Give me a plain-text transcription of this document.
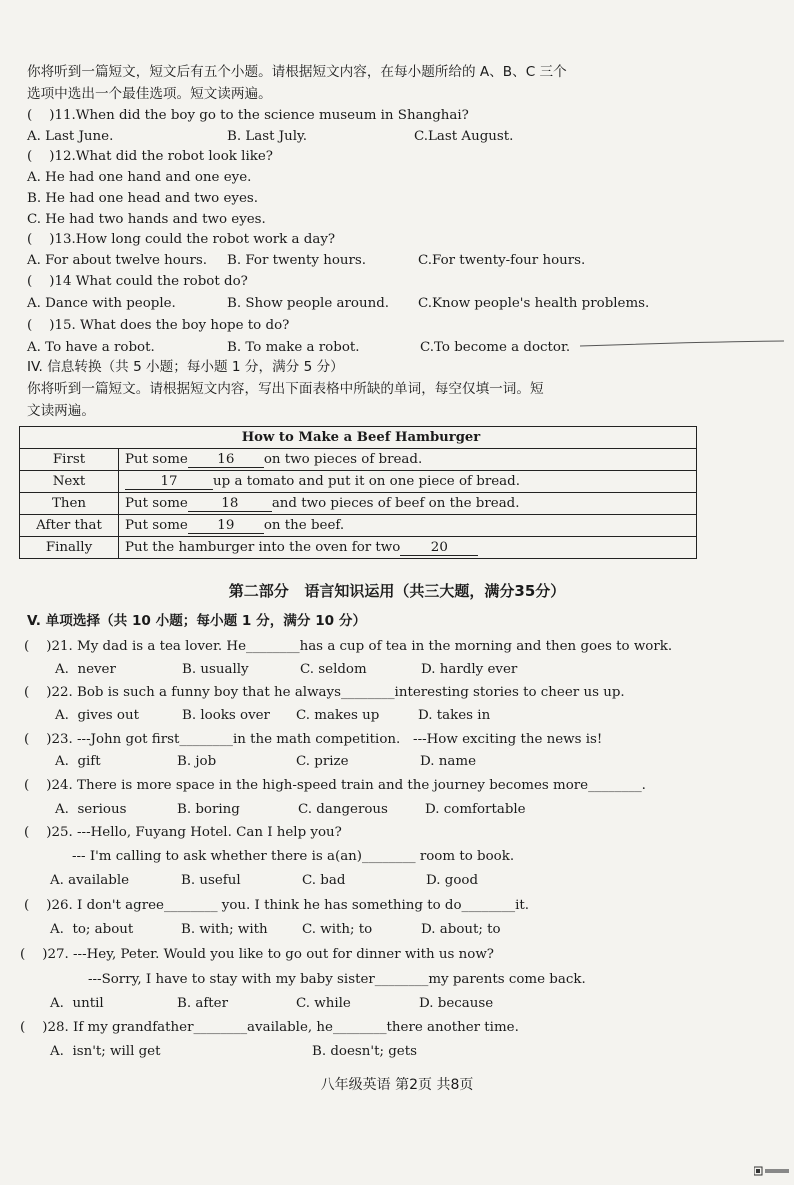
你将听到一篇短文，短文后有五个小题。请根据短文内容，在每小题所给的 A、B、C 三个
选项中选出一个最佳选项。短文读两遍。
(    )11.When did the boy go to the science museum in Shanghai?
A. Last June.	B. Last July.	C.Last August.
(    )12.What did the robot look like?
A. He had one hand and one eye.
B. He had one head and two eyes.
C. He had two hands and two eyes.
(    )13.How long could the robot work a day?
A. For about twelve hours. B. For twenty hours.	C.For twenty-four hours.
(    )14 What could the robot do?
A. Dance with people.	B. Show people around. C.Know people's health problems.
(    )15. What does the boy hope to do?
A. To have a robot.	B. To make a robot.	C.To become a doctor.
IV. 信息转换（共 5 小题；每小题 1 分，满分 5 分）
你将听到一篇短文。请根据短文内容，写出下面表格中所缺的单词，每空仅填一词。短
文读两遍。
How to Make a Beef Hamburger	
First	Put some 16 on two pieces of bread.
Next	17 up a tomato and put it on one piece of bread.
Then	Put some 18 and two pieces of beef on the bread.
After that	Put some 19 on the beef.
Finally	Put the hamburger into the oven for two 20
第二部分   语言知识运用（共三大题，满分35分）
V. 单项选择（共 10 小题；每小题 1 分，满分 10 分）
(    )21. My dad is a tea lover. He________has a cup of tea in the morning and then goes to work.
A.  never	B. usually	C. seldom	D. hardly ever
(    )22. Bob is such a funny boy that he always________interesting stories to cheer us up.
A.  gives out	B. looks over C. makes up	D. takes in
(    )23. ---John got first________in the math competition.   ---How exciting the news is!
A.  gift	B. job	C. prize	D. name
(    )24. There is more space in the high-speed train and the journey becomes more________.
A.  serious	B. boring	C. dangerous	D. comfortable
(    )25. ---Hello, Fuyang Hotel. Can I help you?
--- I'm calling to ask whether there is a(an)________ room to book.
A. available	B. useful	C. bad	D. good
(    )26. I don't agree________ you. I think he has something to do________it.
A.  to; about	B. with; with	C. with; to	D. about; to
(    )27. ---Hey, Peter. Would you like to go out for dinner with us now?
---Sorry, I have to stay with my baby sister________my parents come back.
A.  until	B. after	C. while	D. because
(    )28. If my grandfather________available, he________there another time.
A.  isn't; will get	B. doesn't; gets
八年级英语 第2页 共8页
